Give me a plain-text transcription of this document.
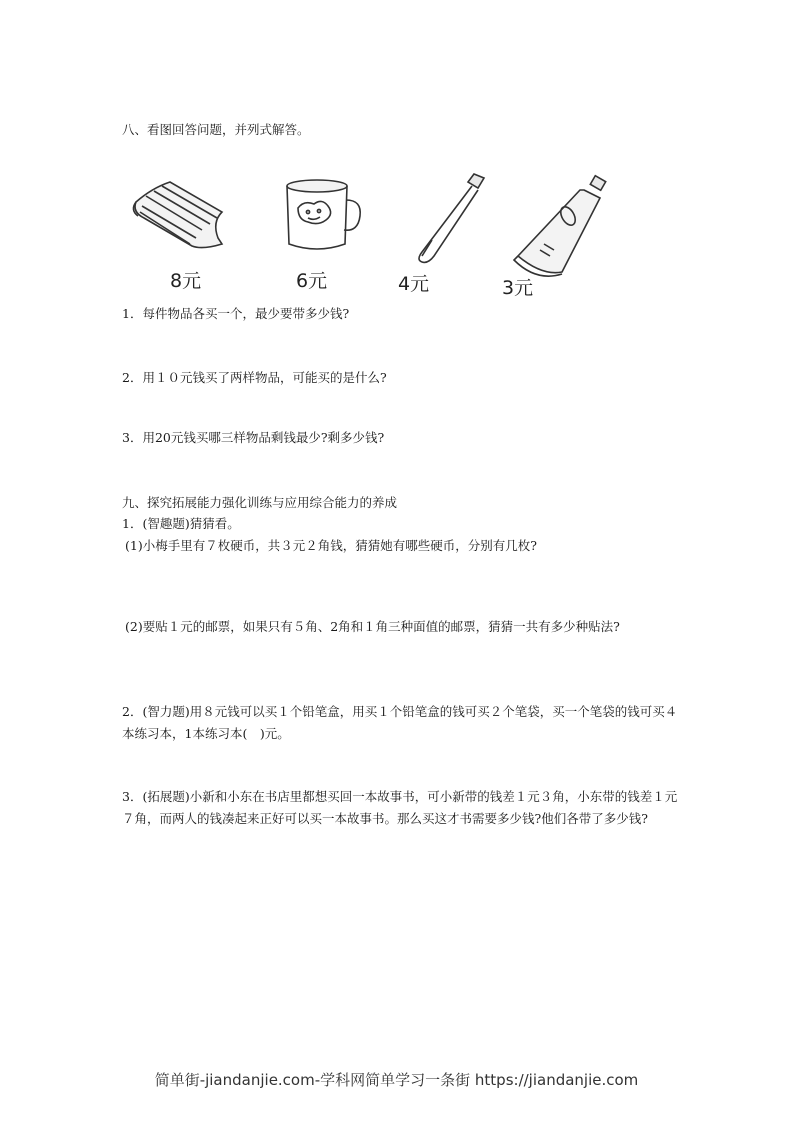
八、看图回答问题，并列式解答。
8元	6元	4元	3元
1．每件物品各买一个，最少要带多少钱?
2．用１０元钱买了两样物品，可能买的是什么?
3．用20元钱买哪三样物品剩钱最少?剩多少钱?
九、探究拓展能力强化训练与应用综合能力的养成
1．(智趣题)猜猜看。
(1)小梅手里有７枚硬币，共３元２角钱，猜猜她有哪些硬币，分别有几枚?
(2)要贴１元的邮票，如果只有５角、2角和１角三种面值的邮票，猜猜一共有多少种贴法?
2．(智力题)用８元钱可以买１个铅笔盒，用买１个铅笔盒的钱可买２个笔袋，买一个笔袋的钱可买４本练习本，1本练习本(　)元。
3．(拓展题)小新和小东在书店里都想买回一本故事书，可小新带的钱差１元３角，小东带的钱差１元７角，而两人的钱凑起来正好可以买一本故事书。那么买这才书需要多少钱?他们各带了多少钱?
简单街-jiandanjie.com-学科网简单学习一条街 https://jiandanjie.com
